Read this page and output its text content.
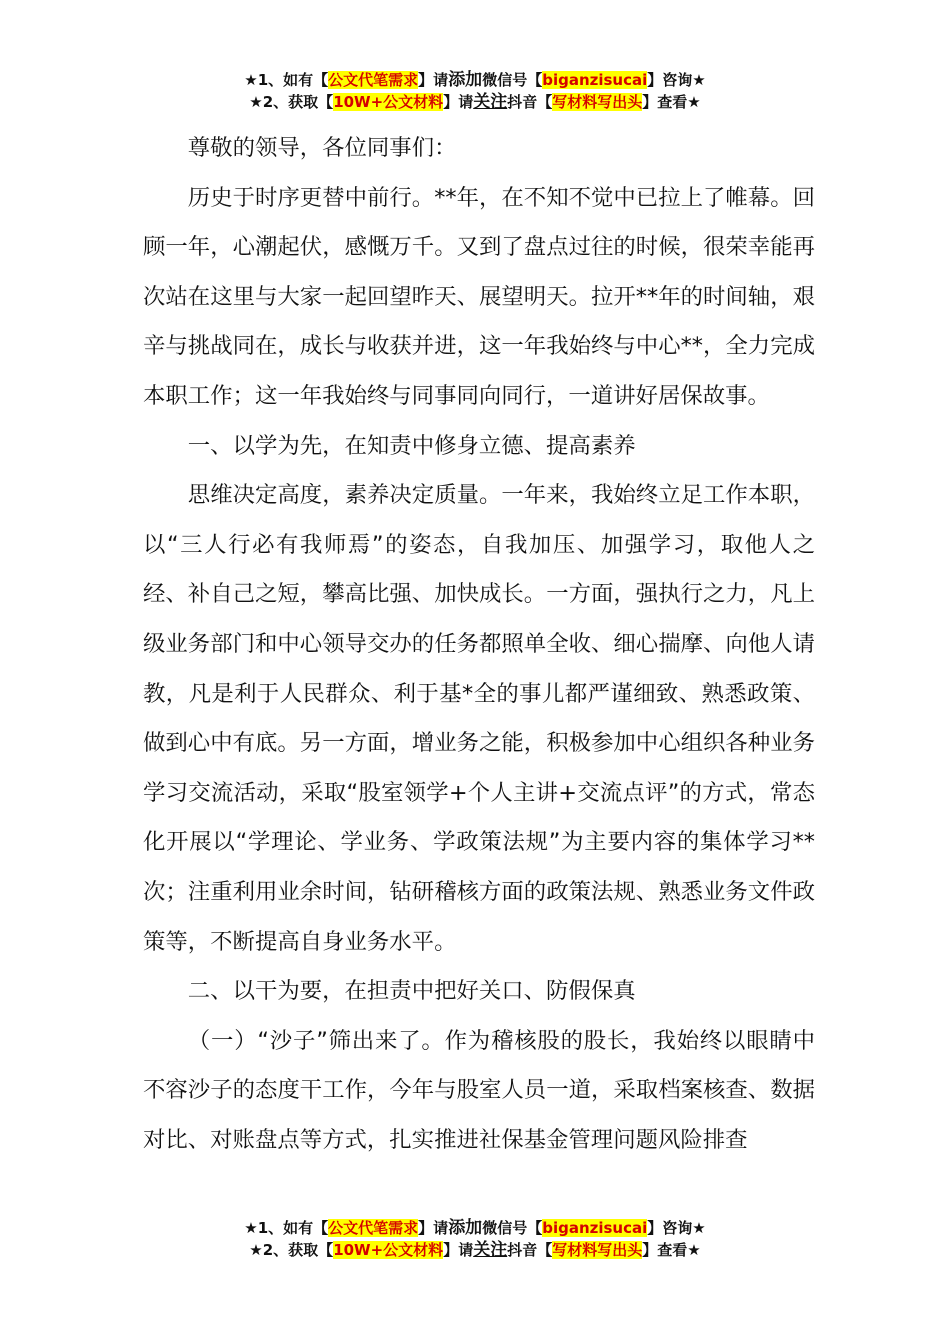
★1、如有【公文代笔需求】请添加微信号【biganzisucai】咨询★
★2、获取【10W+公文材料】请关注抖音【写材料写出头】查看★

尊敬的领导，各位同事们：

历史于时序更替中前行。**年，在不知不觉中已拉上了帷幕。回顾一年，心潮起伏，感慨万千。又到了盘点过往的时候，很荣幸能再次站在这里与大家一起回望昨天、展望明天。拉开**年的时间轴，艰辛与挑战同在，成长与收获并进，这一年我始终与中心**，全力完成本职工作；这一年我始终与同事同向同行，一道讲好居保故事。

一、以学为先，在知责中修身立德、提高素养

思维决定高度，素养决定质量。一年来，我始终立足工作本职，以“三人行必有我师焉”的姿态，自我加压、加强学习，取他人之经、补自己之短，攀高比强、加快成长。一方面，强执行之力，凡上级业务部门和中心领导交办的任务都照单全收、细心揣摩、向他人请教，凡是利于人民群众、利于基*全的事儿都严谨细致、熟悉政策、做到心中有底。另一方面，增业务之能，积极参加中心组织各种业务学习交流活动，采取“股室领学+个人主讲+交流点评”的方式，常态化开展以“学理论、学业务、学政策法规”为主要内容的集体学习**次；注重利用业余时间，钻研稽核方面的政策法规、熟悉业务文件政策等，不断提高自身业务水平。

二、以干为要，在担责中把好关口、防假保真

（一）“沙子”筛出来了。作为稽核股的股长，我始终以眼睛中不容沙子的态度干工作，今年与股室人员一道，采取档案核查、数据对比、对账盘点等方式，扎实推进社保基金管理问题风险排查

★1、如有【公文代笔需求】请添加微信号【biganzisucai】咨询★
★2、获取【10W+公文材料】请关注抖音【写材料写出头】查看★
